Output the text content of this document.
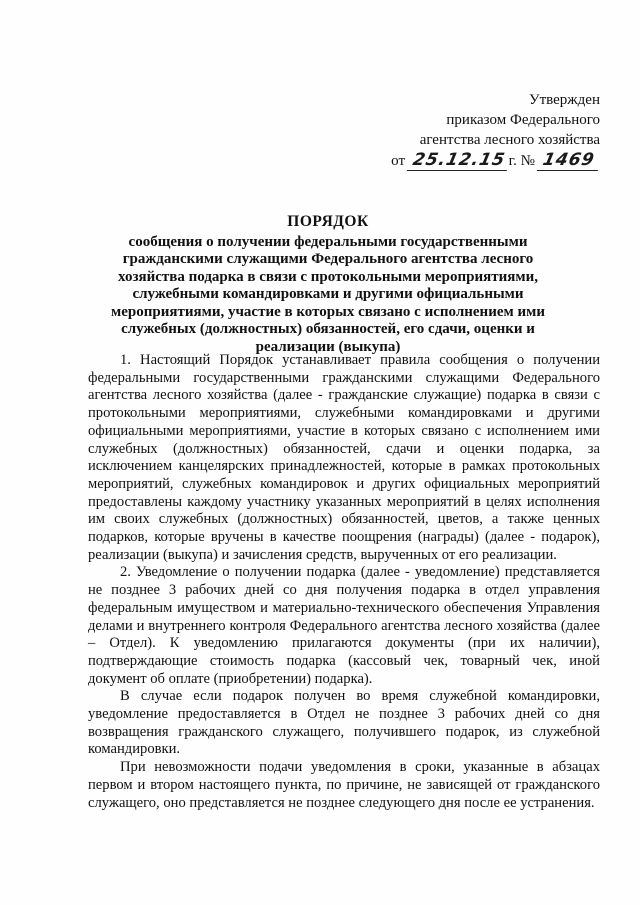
Утвержден
приказом Федерального
агентства лесного хозяйства
от 25.12.15 г. № 1469
ПОРЯДОК
сообщения о получении федеральными государственными гражданскими служащими Федерального агентства лесного хозяйства подарка в связи с протокольными мероприятиями, служебными командировками и другими официальными мероприятиями, участие в которых связано с исполнением ими служебных (должностных) обязанностей, его сдачи, оценки и реализации (выкупа)

1. Настоящий Порядок устанавливает правила сообщения о получении федеральными государственными гражданскими служащими Федерального агентства лесного хозяйства (далее - гражданские служащие) подарка в связи с протокольными мероприятиями, служебными командировками и другими официальными мероприятиями, участие в которых связано с исполнением ими служебных (должностных) обязанностей, сдачи и оценки подарка, за исключением канцелярских принадлежностей, которые в рамках протокольных мероприятий, служебных командировок и других официальных мероприятий предоставлены каждому участнику указанных мероприятий в целях исполнения им своих служебных (должностных) обязанностей, цветов, а также ценных подарков, которые вручены в качестве поощрения (награды) (далее - подарок), реализации (выкупа) и зачисления средств, вырученных от его реализации.

2. Уведомление о получении подарка (далее - уведомление) представляется не позднее 3 рабочих дней со дня получения подарка в отдел управления федеральным имуществом и материально-технического обеспечения Управления делами и внутреннего контроля Федерального агентства лесного хозяйства (далее – Отдел). К уведомлению прилагаются документы (при их наличии), подтверждающие стоимость подарка (кассовый чек, товарный чек, иной документ об оплате (приобретении) подарка).

В случае если подарок получен во время служебной командировки, уведомление предоставляется в Отдел не позднее 3 рабочих дней со дня возвращения гражданского служащего, получившего подарок, из служебной командировки.

При невозможности подачи уведомления в сроки, указанные в абзацах первом и втором настоящего пункта, по причине, не зависящей от гражданского служащего, оно представляется не позднее следующего дня после ее устранения.
